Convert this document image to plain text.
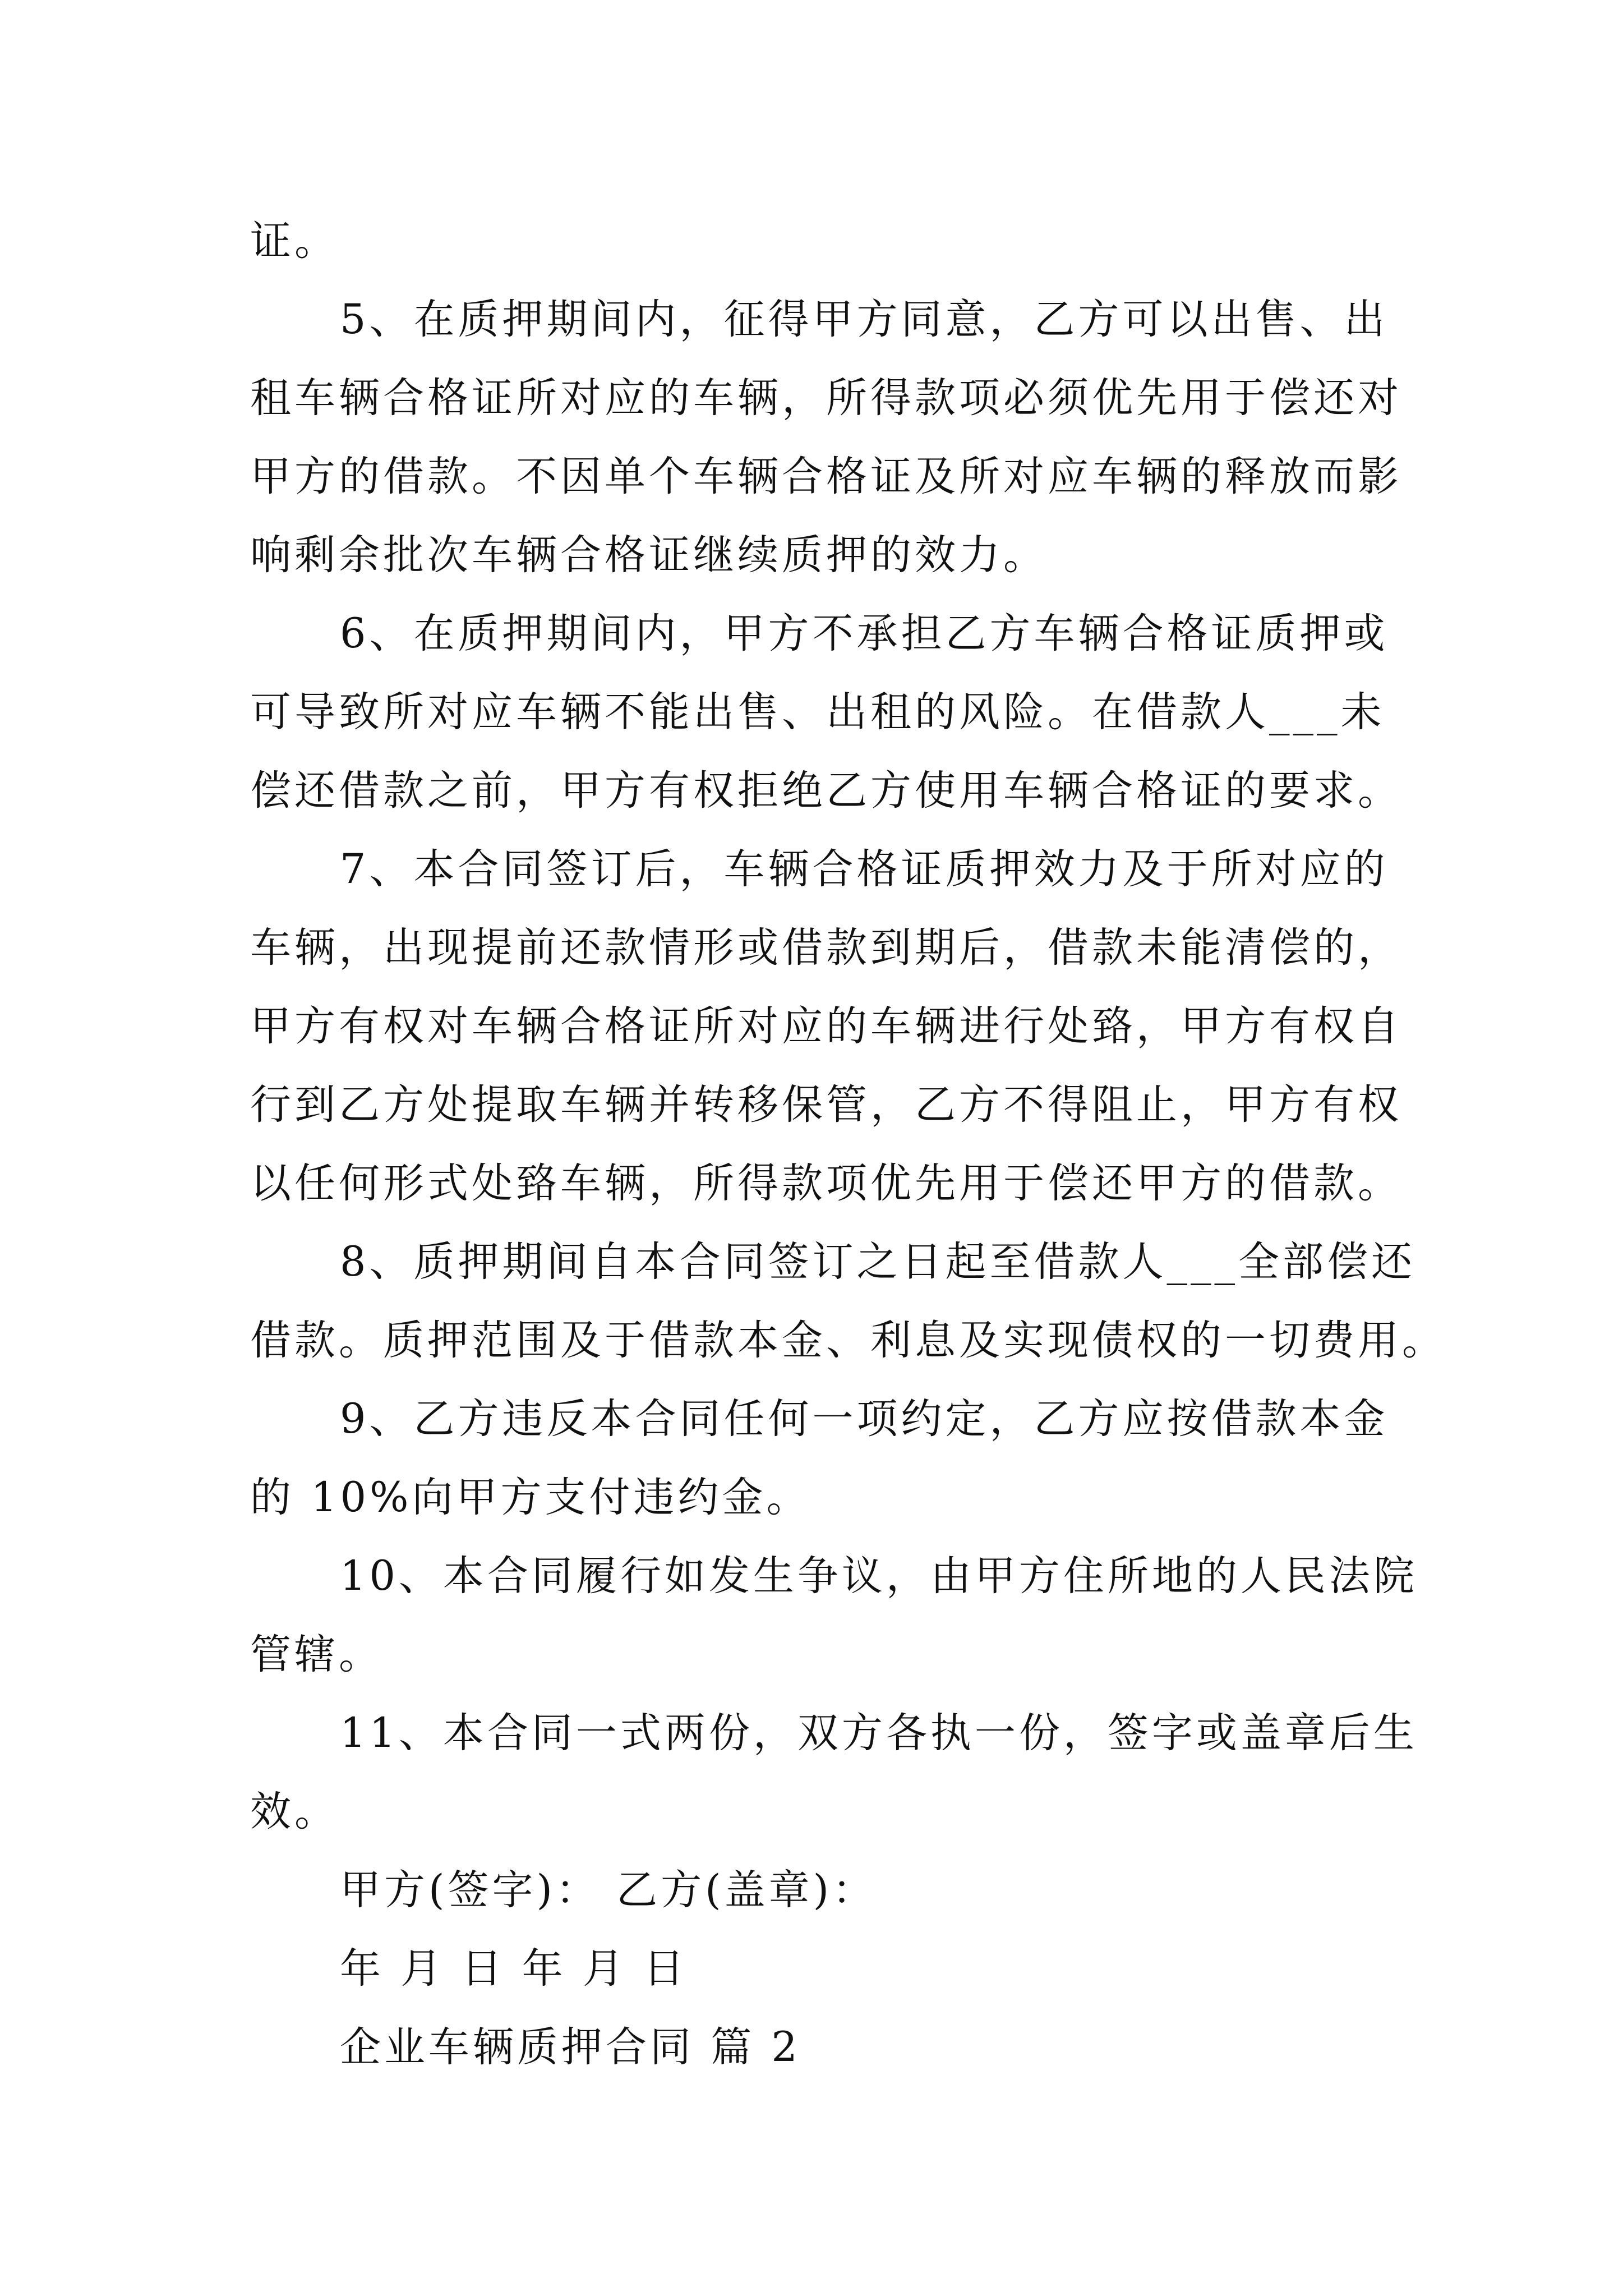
证。
5、在质押期间内，征得甲方同意，乙方可以出售、出
租车辆合格证所对应的车辆，所得款项必须优先用于偿还对
甲方的借款。不因单个车辆合格证及所对应车辆的释放而影
响剩余批次车辆合格证继续质押的效力。
6、在质押期间内，甲方不承担乙方车辆合格证质押或
可导致所对应车辆不能出售、出租的风险。在借款人___未
偿还借款之前，甲方有权拒绝乙方使用车辆合格证的要求。
7、本合同签订后，车辆合格证质押效力及于所对应的
车辆，出现提前还款情形或借款到期后，借款未能清偿的，
甲方有权对车辆合格证所对应的车辆进行处臵，甲方有权自
行到乙方处提取车辆并转移保管，乙方不得阻止，甲方有权
以任何形式处臵车辆，所得款项优先用于偿还甲方的借款。
8、质押期间自本合同签订之日起至借款人___全部偿还
借款。质押范围及于借款本金、利息及实现债权的一切费用。
9、乙方违反本合同任何一项约定，乙方应按借款本金
的 10%向甲方支付违约金。
10、本合同履行如发生争议，由甲方住所地的人民法院
管辖。
11、本合同一式两份，双方各执一份，签字或盖章后生
效。
甲方(签字)： 乙方(盖章)：
年 月 日 年 月 日
企业车辆质押合同 篇 2
